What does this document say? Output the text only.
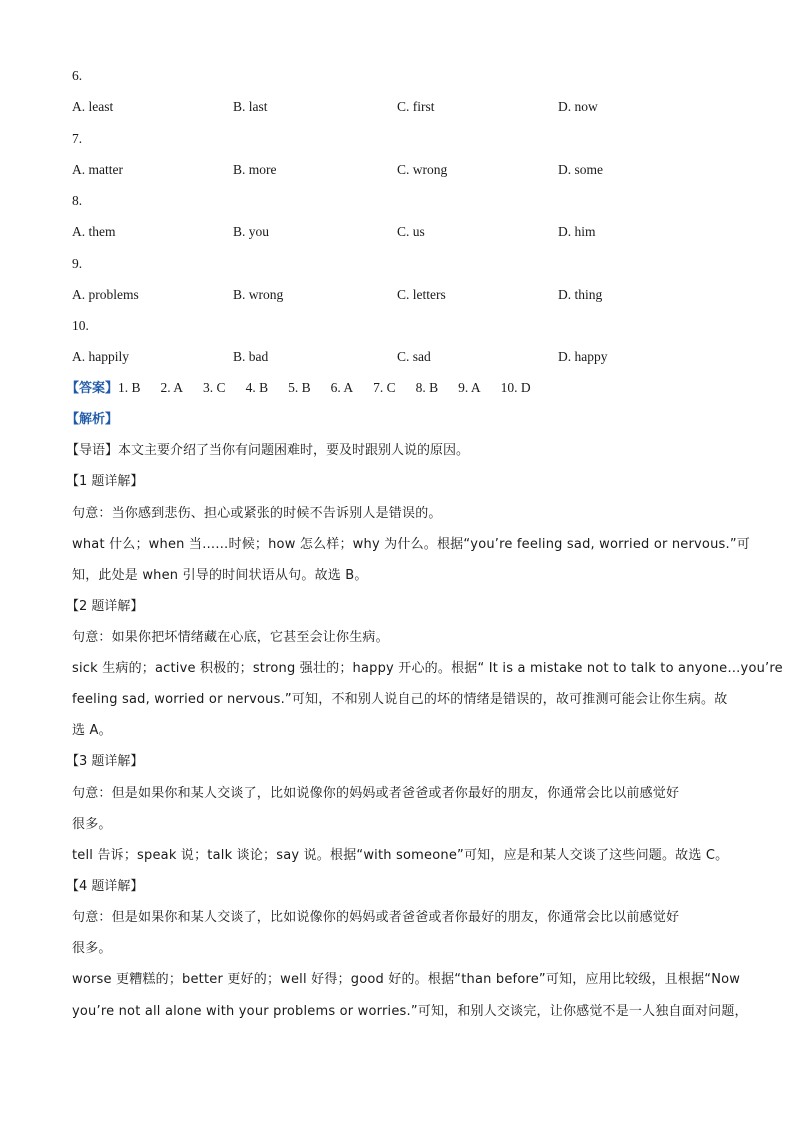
6.
A. least	B. last	C. first	D. now
7.
A. matter	B. more	C. wrong	D. some
8.
A. them	B. you	C. us	D. him
9.
A. problems	B. wrong	C. letters	D. thing
10.
A. happily	B. bad	C. sad	D. happy
【答案】1. B 2. A 3. C 4. B 5. B 6. A 7. C 8. B 9. A 10. D
【解析】
【导语】本文主要介绍了当你有问题困难时，要及时跟别人说的原因。
【1 题详解】
句意：当你感到悲伤、担心或紧张的时候不告诉别人是错误的。
what 什么；when 当……时候；how 怎么样；why 为什么。根据“you’re feeling sad, worried or nervous.”可
知，此处是 when 引导的时间状语从句。故选 B。
【2 题详解】
句意：如果你把坏情绪藏在心底，它甚至会让你生病。
sick 生病的；active 积极的；strong 强壮的；happy 开心的。根据“ It is a mistake not to talk to anyone…you’re
feeling sad, worried or nervous.”可知，不和别人说自己的坏的情绪是错误的，故可推测可能会让你生病。故
选 A。
【3 题详解】
句意：但是如果你和某人交谈了，比如说像你的妈妈或者爸爸或者你最好的朋友，你通常会比以前感觉好
很多。
tell 告诉；speak 说；talk 谈论；say 说。根据“with someone”可知，应是和某人交谈了这些问题。故选 C。
【4 题详解】
句意：但是如果你和某人交谈了，比如说像你的妈妈或者爸爸或者你最好的朋友，你通常会比以前感觉好
很多。
worse 更糟糕的；better 更好的；well 好得；good 好的。根据“than before”可知，应用比较级，且根据“Now
you’re not all alone with your problems or worries.”可知，和别人交谈完，让你感觉不是一人独自面对问题，
